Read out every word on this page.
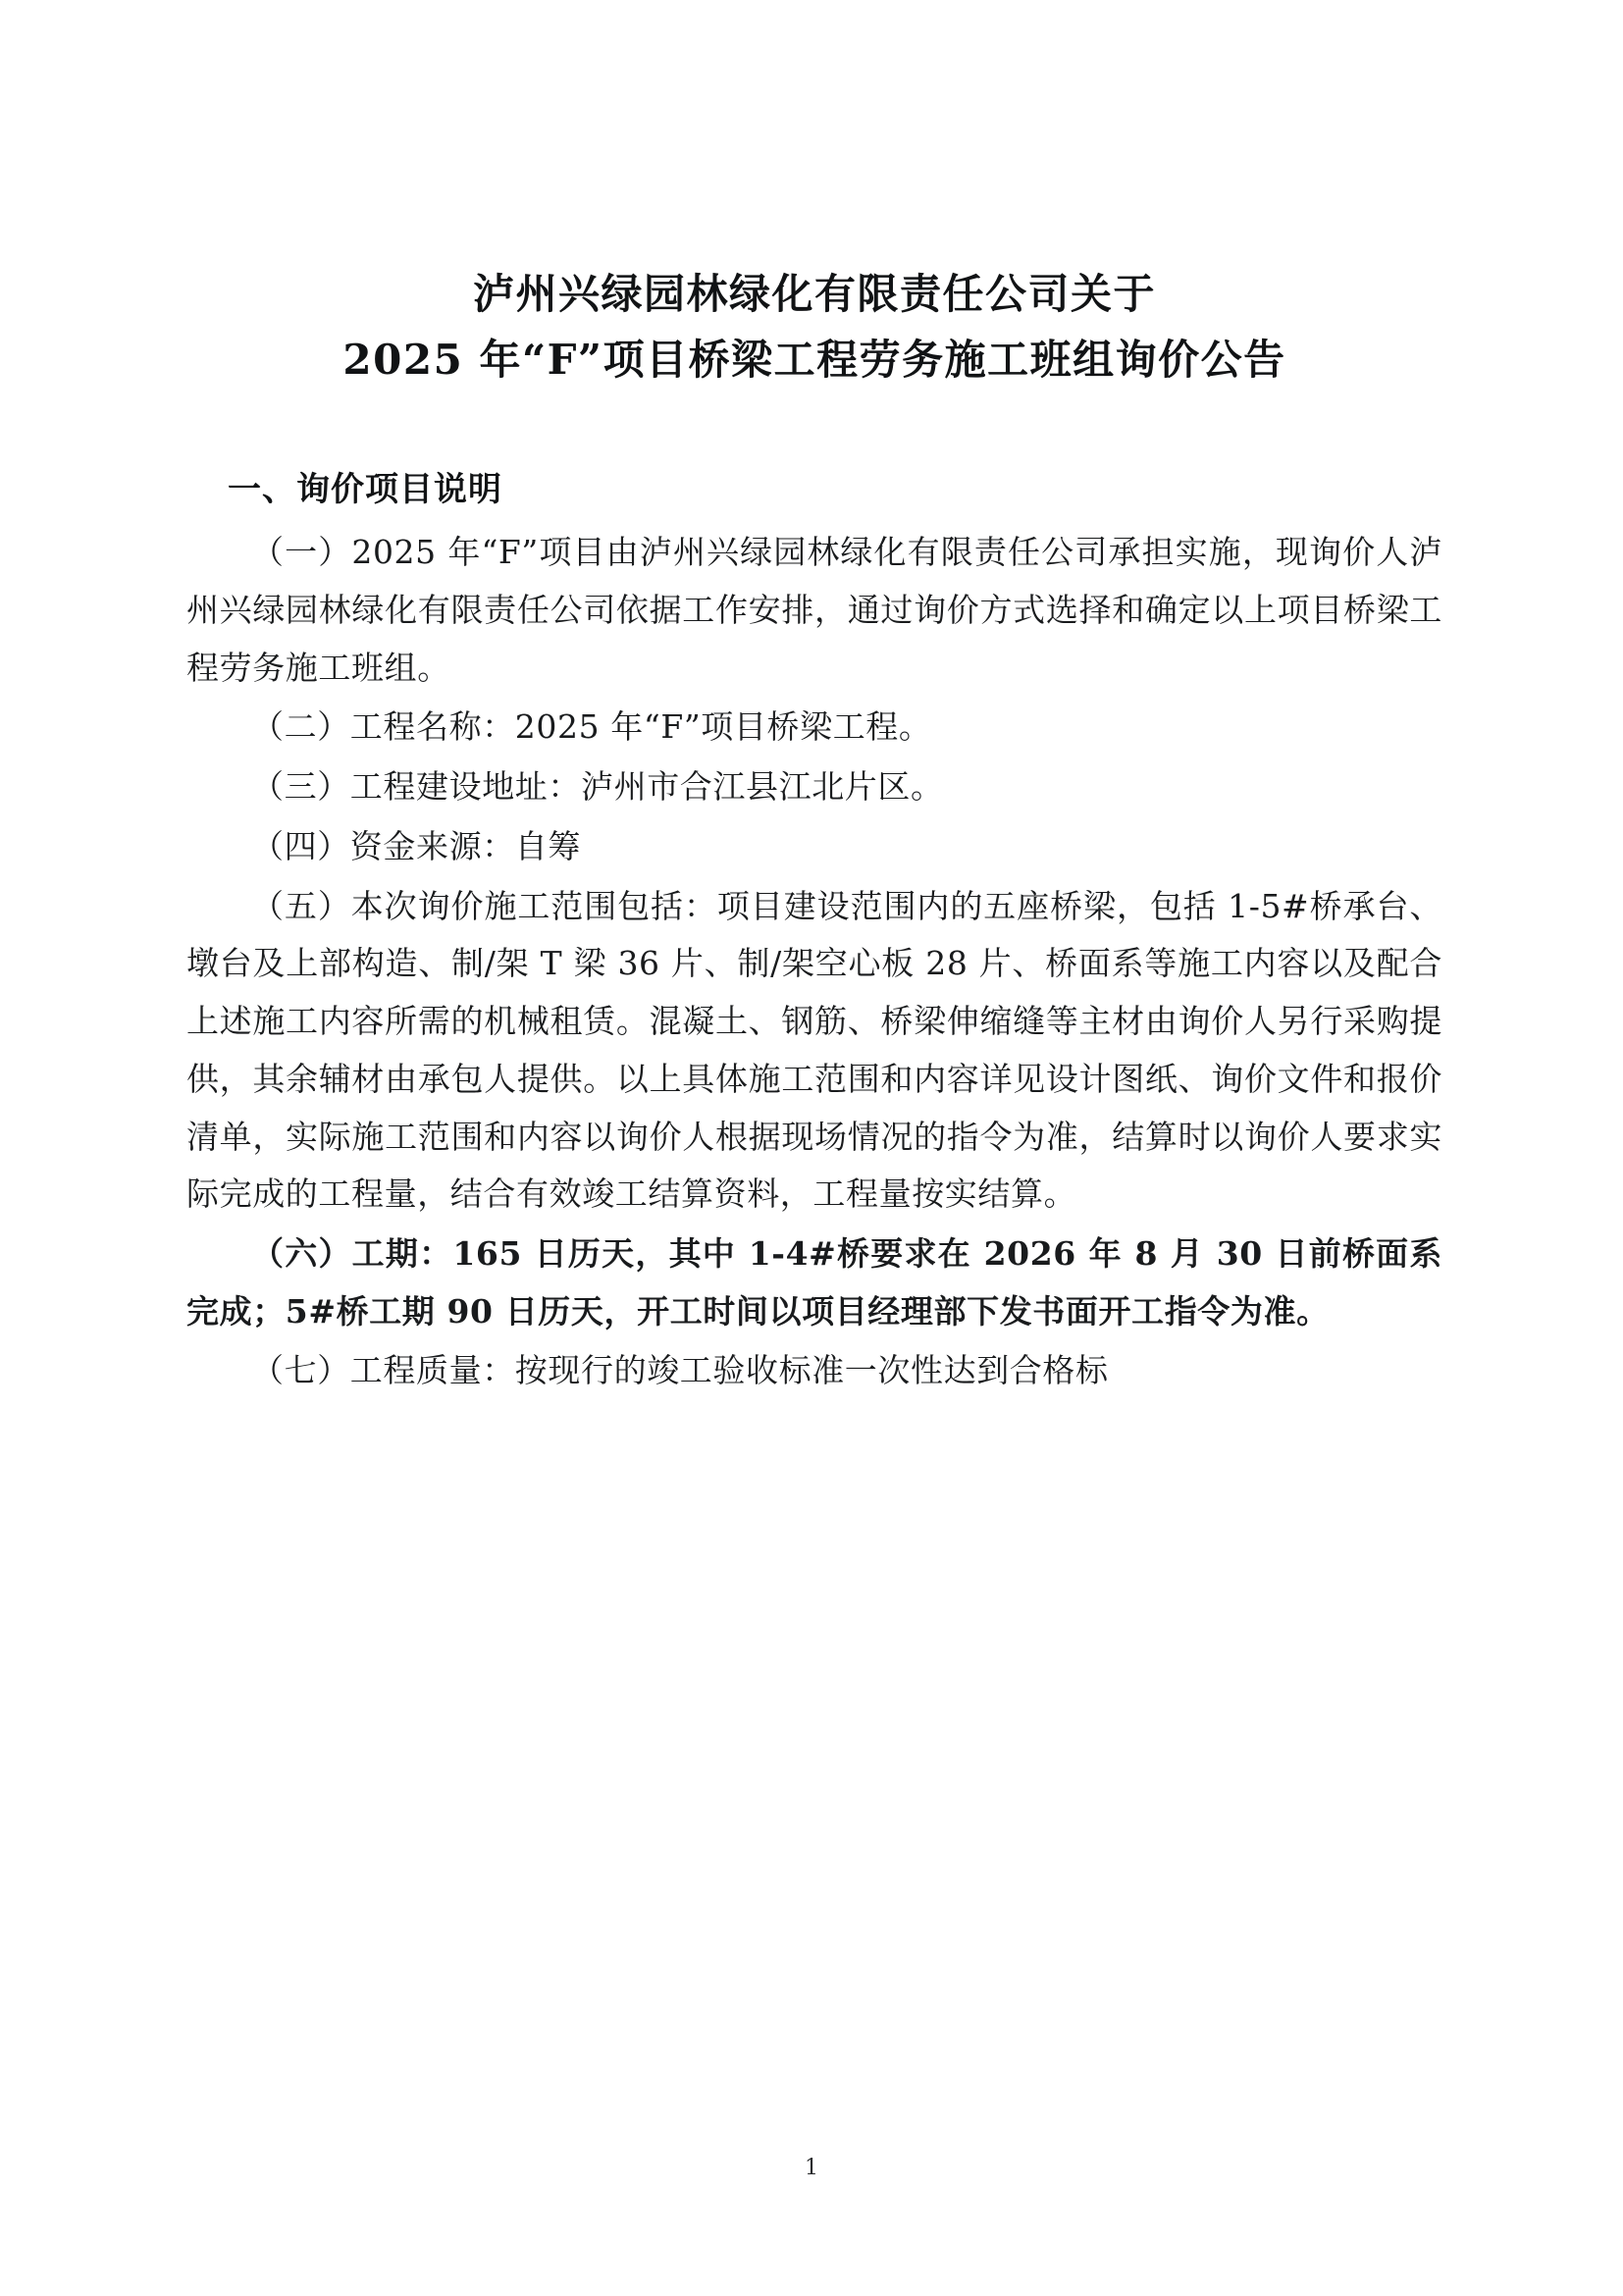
泸州兴绿园林绿化有限责任公司关于
2025 年“F”项目桥梁工程劳务施工班组询价公告
一、询价项目说明

（一）2025 年“F”项目由泸州兴绿园林绿化有限责任公司承担实施，现询价人泸州兴绿园林绿化有限责任公司依据工作安排，通过询价方式选择和确定以上项目桥梁工程劳务施工班组。

（二）工程名称：2025 年“F”项目桥梁工程。

（三）工程建设地址：泸州市合江县江北片区。

（四）资金来源：自筹

（五）本次询价施工范围包括：项目建设范围内的五座桥梁，包括 1-5#桥承台、墩台及上部构造、制/架 T 梁 36 片、制/架空心板 28 片、桥面系等施工内容以及配合上述施工内容所需的机械租赁。混凝土、钢筋、桥梁伸缩缝等主材由询价人另行采购提供，其余辅材由承包人提供。以上具体施工范围和内容详见设计图纸、询价文件和报价清单，实际施工范围和内容以询价人根据现场情况的指令为准，结算时以询价人要求实际完成的工程量，结合有效竣工结算资料，工程量按实结算。

（六）工期：165 日历天，其中 1-4#桥要求在 2026 年 8 月 30 日前桥面系完成；5#桥工期 90 日历天，开工时间以项目经理部下发书面开工指令为准。

（七）工程质量：按现行的竣工验收标准一次性达到合格标

1
